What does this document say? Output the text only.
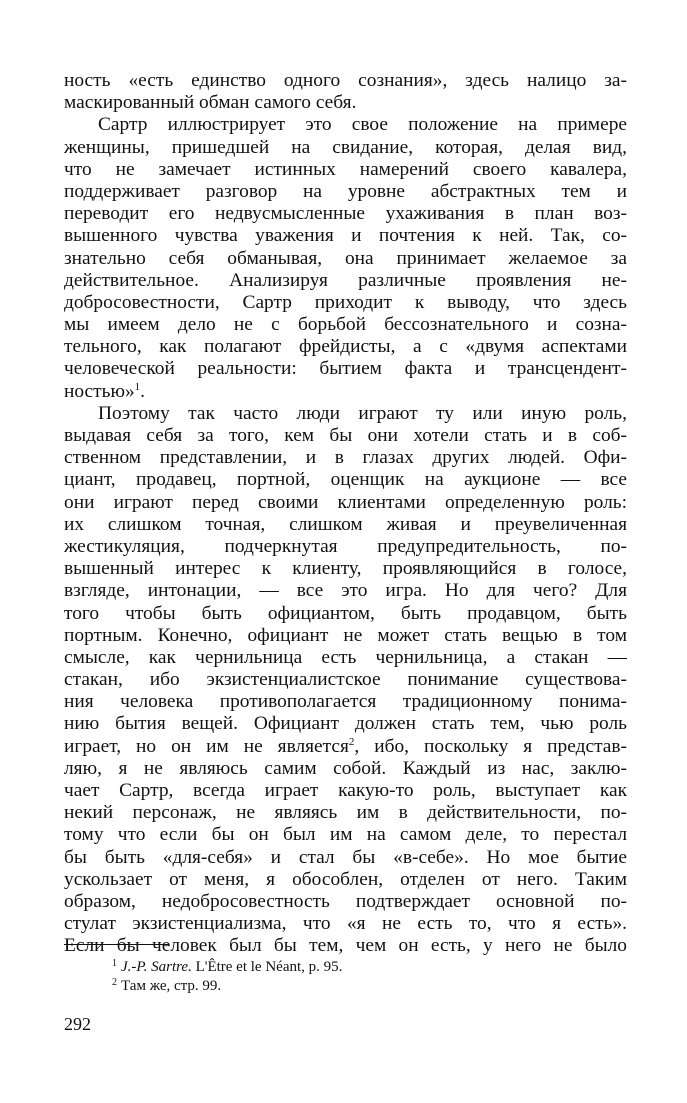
ность «есть единство одного сознания», здесь налицо за-
маскированный обман самого себя.
Сартр иллюстрирует это свое положение на примере
женщины, пришедшей на свидание, которая, делая вид,
что не замечает истинных намерений своего кавалера,
поддерживает разговор на уровне абстрактных тем и
переводит его недвусмысленные ухаживания в план воз-
вышенного чувства уважения и почтения к ней. Так, со-
знательно себя обманывая, она принимает желаемое за
действительное. Анализируя различные проявления не-
добросовестности, Сартр приходит к выводу, что здесь
мы имеем дело не с борьбой бессознательного и созна-
тельного, как полагают фрейдисты, а с «двумя аспектами
человеческой реальности: бытием факта и трансцендент-
ностью»$^1$.
Поэтому так часто люди играют ту или иную роль,
выдавая себя за того, кем бы они хотели стать и в соб-
ственном представлении, и в глазах других людей. Офи-
циант, продавец, портной, оценщик на аукционе — все
они играют перед своими клиентами определенную роль:
их слишком точная, слишком живая и преувеличенная
жестикуляция, подчеркнутая предупредительность, по-
вышенный интерес к клиенту, проявляющийся в голосе,
взгляде, интонации, — все это игра. Но для чего? Для
того чтобы быть официантом, быть продавцом, быть
портным. Конечно, официант не может стать вещью в том
смысле, как чернильница есть чернильница, а стакан —
стакан, ибо экзистенциалистское понимание существова-
ния человека противополагается традиционному понима-
нию бытия вещей. Официант должен стать тем, чью роль
играет, но он им не является$^2$, ибо, поскольку я представ-
ляю, я не являюсь самим собой. Каждый из нас, заклю-
чает Сартр, всегда играет какую-то роль, выступает как
некий персонаж, не являясь им в действительности, по-
тому что если бы он был им на самом деле, то перестал
бы быть «для-себя» и стал бы «в-себе». Но мое бытие
ускользает от меня, я обособлен, отделен от него. Таким
образом, недобросовестность подтверждает основной по-
стулат экзистенциализма, что «я не есть то, что я есть».
Если бы человек был бы тем, чем он есть, у него не было
$^1$ J.-P. Sartre. L'Être et le Néant, p. 95.
$^2$ Там же, стр. 99.
292
